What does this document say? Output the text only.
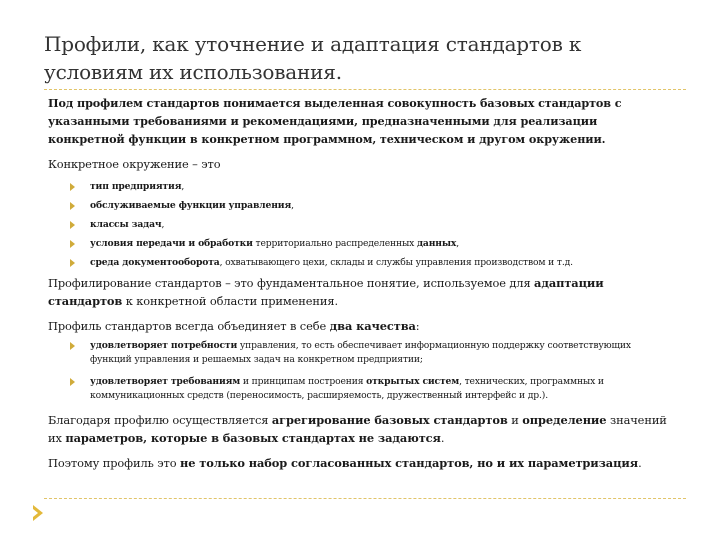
Профили, как уточнение и адаптация стандартов к условиям их использования.

Под профилем стандартов понимается выделенная совокупность базовых стандартов с указанными требованиями и рекомендациями, предназначенными для реализации конкретной функции в конкретном программном, техническом и другом окружении.

Конкретное окружение – это

тип предприятия,
обслуживаемые функции управления,
классы задач,
условия передачи и обработки территориально распределенных данных,
среда документооборота, охватывающего цехи, склады и службы управления производством и т.д.

Профилирование стандартов – это фундаментальное понятие, используемое для адаптации стандартов к конкретной области применения.

Профиль стандартов всегда объединяет в себе два качества:

удовлетворяет потребности управления, то есть обеспечивает информационную поддержку соответствующих функций управления и решаемых задач на конкретном предприятии;
удовлетворяет требованиям и принципам построения открытых систем, технических, программных и коммуникационных средств (переносимость, расширяемость, дружественный интерфейс и др.).

Благодаря профилю осуществляется агрегирование базовых стандартов и определение значений их параметров, которые в базовых стандартах не задаются.

Поэтому профиль это не только набор согласованных стандартов, но и их параметризация.
